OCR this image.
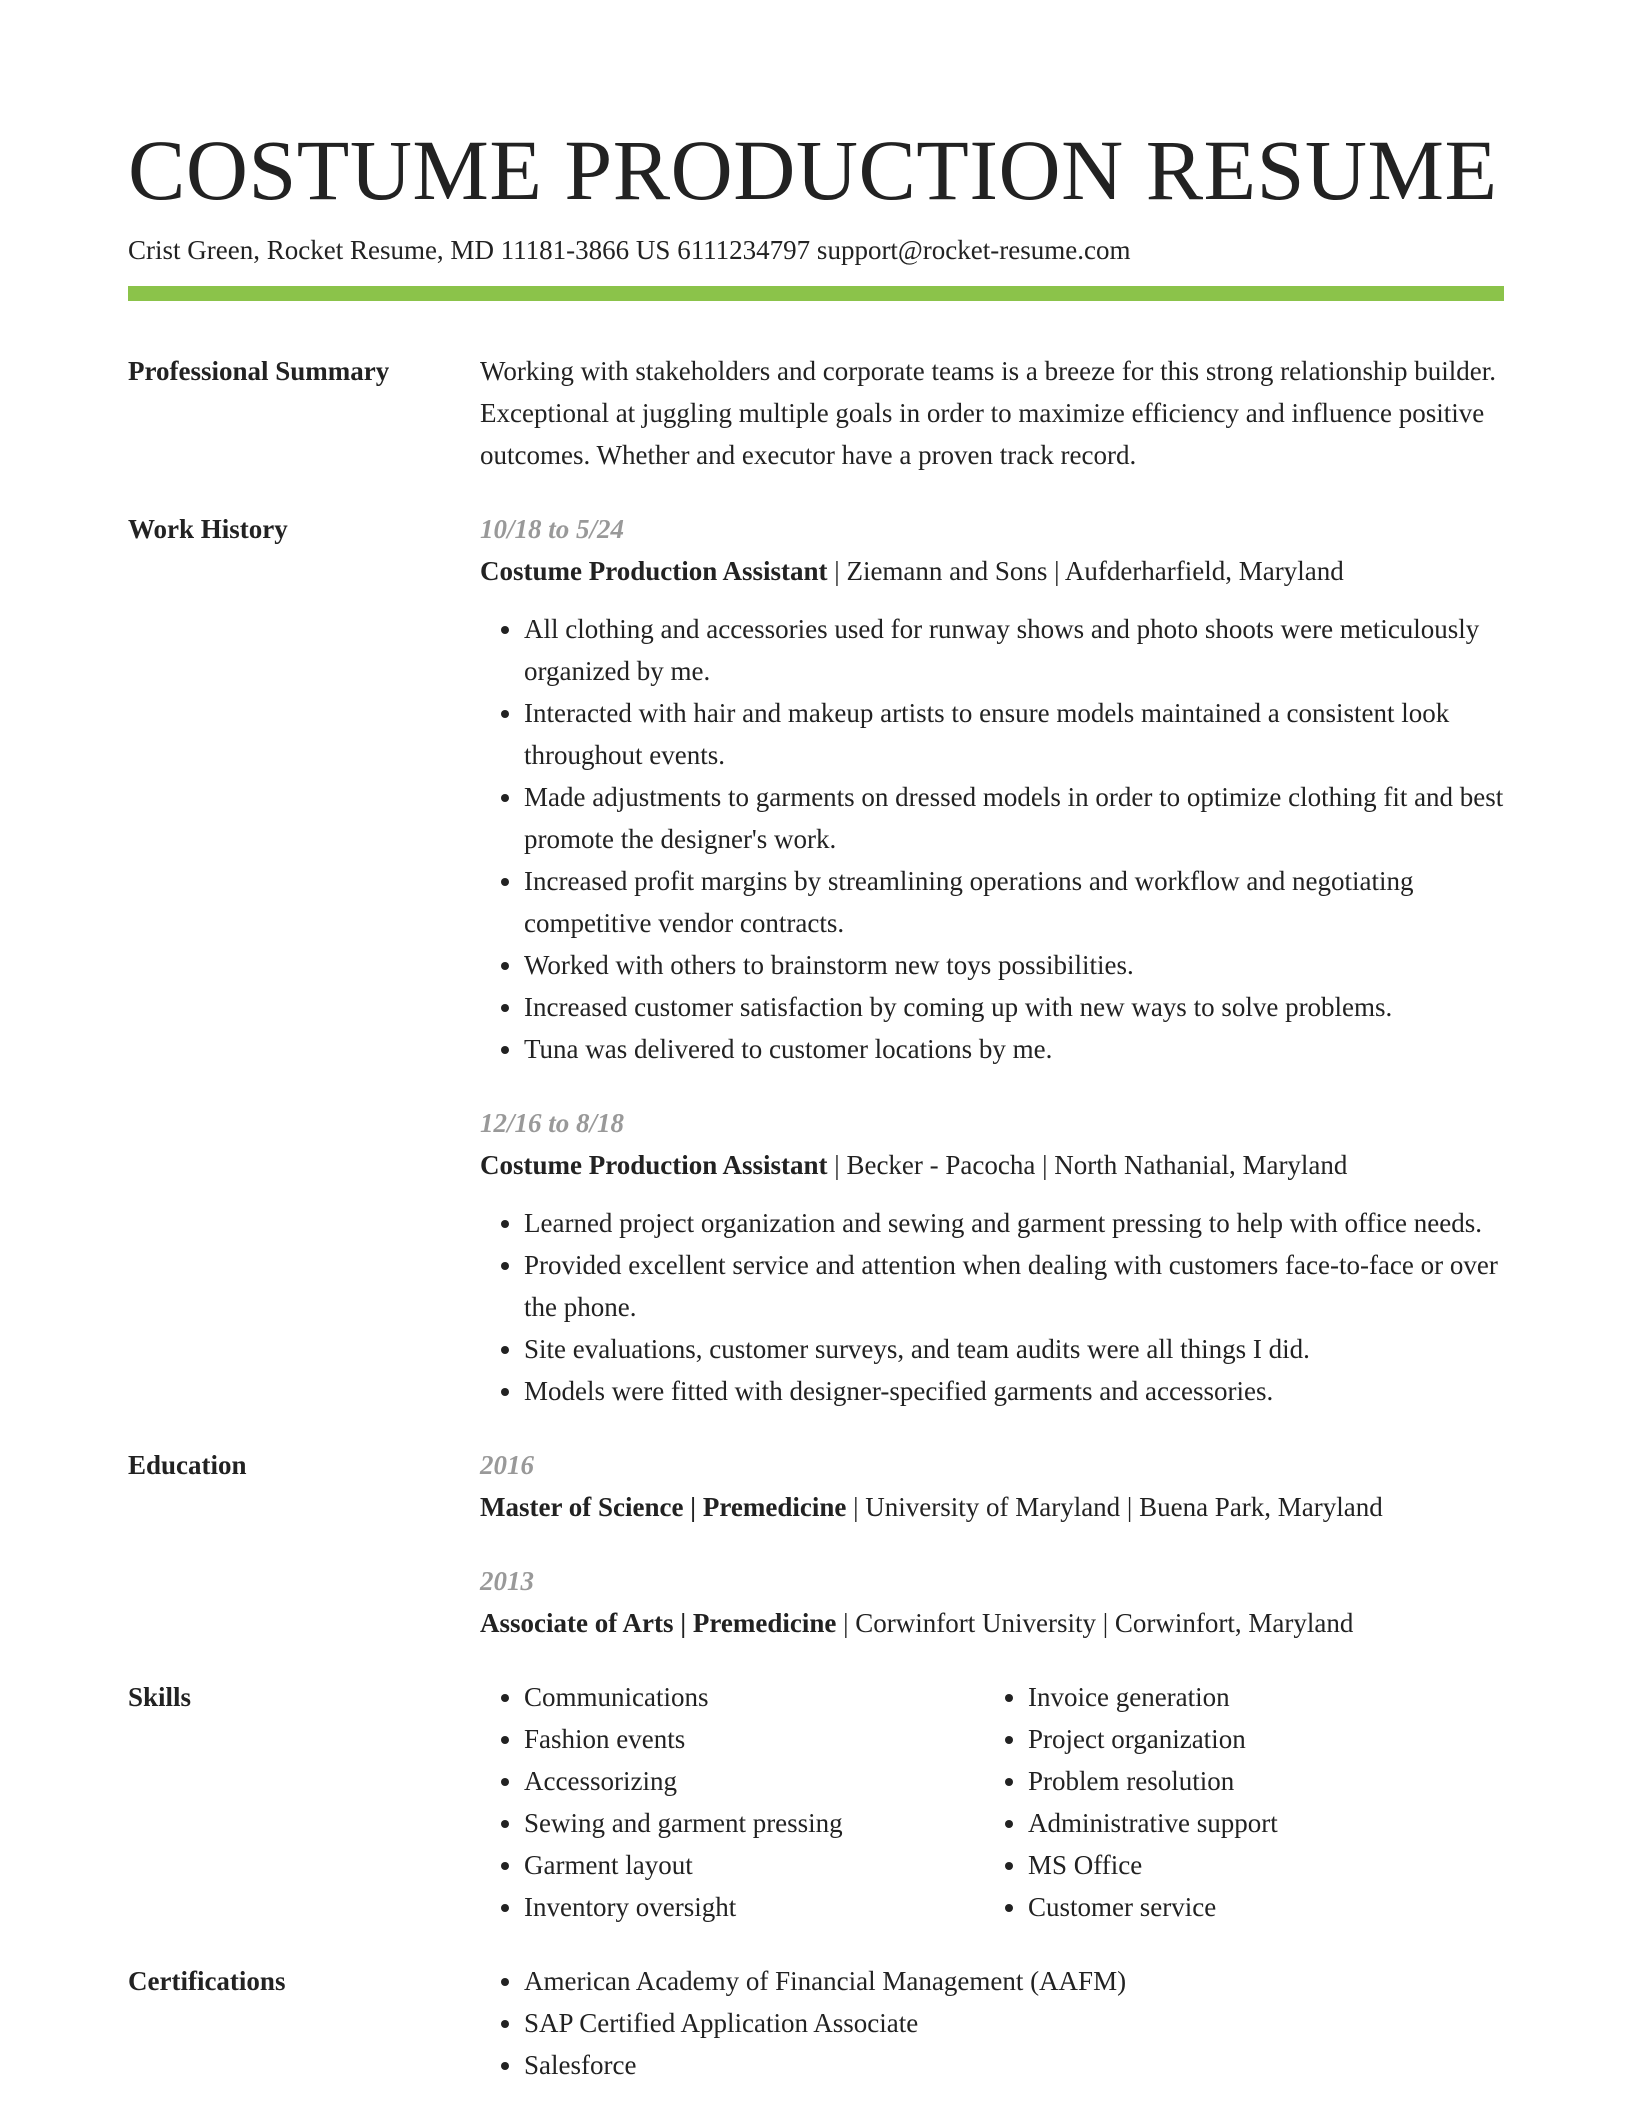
COSTUME PRODUCTION RESUME
Crist Green, Rocket Resume, MD 11181-3866 US 6111234797 support@rocket-resume.com
Professional Summary	Working with stakeholders and corporate teams is a breeze for this strong relationship builder. Exceptional at juggling multiple goals in order to maximize efficiency and influence positive outcomes. Whether and executor have a proven track record.

Work History	10/18 to 5/24
Costume Production Assistant | Ziemann and Sons | Aufderharfield, Maryland
• All clothing and accessories used for runway shows and photo shoots were meticulously organized by me.
• Interacted with hair and makeup artists to ensure models maintained a consistent look throughout events.
• Made adjustments to garments on dressed models in order to optimize clothing fit and best promote the designer's work.
• Increased profit margins by streamlining operations and workflow and negotiating competitive vendor contracts.
• Worked with others to brainstorm new toys possibilities.
• Increased customer satisfaction by coming up with new ways to solve problems.
• Tuna was delivered to customer locations by me.
12/16 to 8/18
Costume Production Assistant | Becker - Pacocha | North Nathanial, Maryland
• Learned project organization and sewing and garment pressing to help with office needs.
• Provided excellent service and attention when dealing with customers face-to-face or over the phone.
• Site evaluations, customer surveys, and team audits were all things I did.
• Models were fitted with designer-specified garments and accessories.
Education	2016
Master of Science | Premedicine | University of Maryland | Buena Park, Maryland
2013
Associate of Arts | Premedicine | Corwinfort University | Corwinfort, Maryland
Skills	• Communications
• Fashion events
• Accessorizing
• Sewing and garment pressing
• Garment layout
• Inventory oversight
• Invoice generation
• Project organization
• Problem resolution
• Administrative support
• MS Office
• Customer service
Certifications	• American Academy of Financial Management (AAFM)
• SAP Certified Application Associate
• Salesforce
